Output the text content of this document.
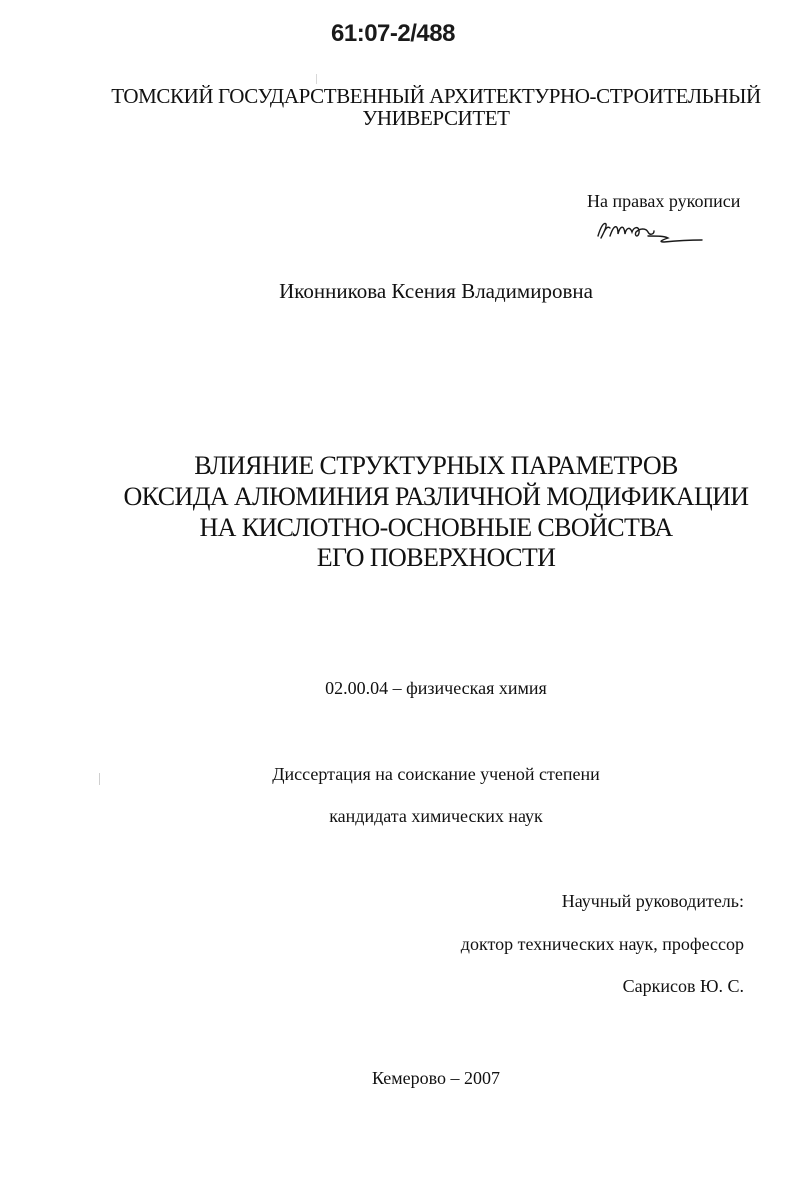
61:07-2/488
ТОМСКИЙ ГОСУДАРСТВЕННЫЙ АРХИТЕКТУРНО-СТРОИТЕЛЬНЫЙ
УНИВЕРСИТЕТ
На правах рукописи
Иконникова Ксения Владимировна
ВЛИЯНИЕ СТРУКТУРНЫХ ПАРАМЕТРОВ
ОКСИДА АЛЮМИНИЯ РАЗЛИЧНОЙ МОДИФИКАЦИИ
НА КИСЛОТНО-ОСНОВНЫЕ СВОЙСТВА
ЕГО ПОВЕРХНОСТИ
02.00.04 – физическая химия
Диссертация на соискание ученой степени
кандидата химических наук
Научный руководитель:
доктор технических наук, профессор
Саркисов Ю. С.
Кемерово – 2007
